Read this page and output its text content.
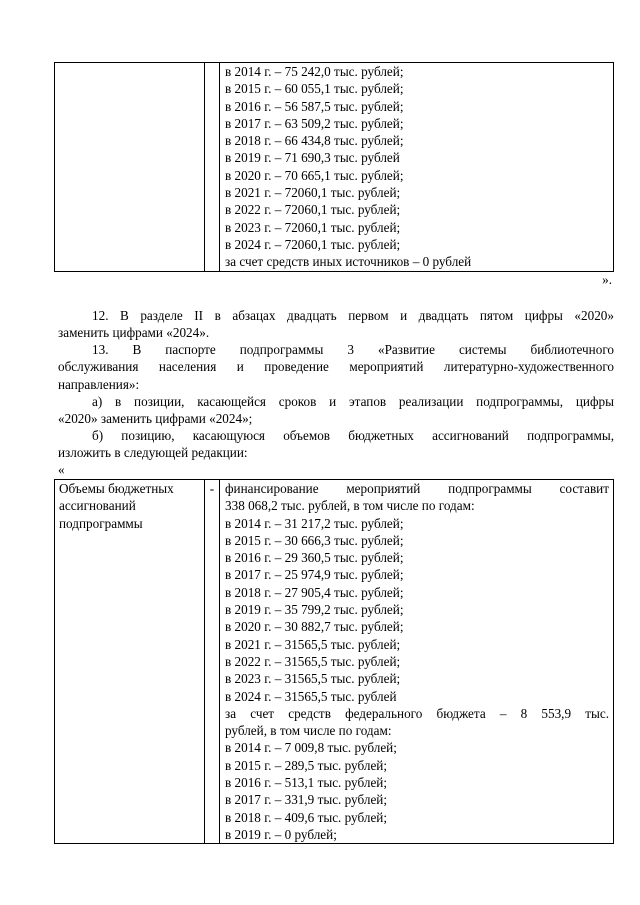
в 2014 г. – 75 242,0 тыс. рублей;
в 2015 г. – 60 055,1 тыс. рублей;
в 2016 г. – 56 587,5 тыс. рублей;
в 2017 г. – 63 509,2 тыс. рублей;
в 2018 г. – 66 434,8 тыс. рублей;
в 2019 г. – 71 690,3 тыс. рублей
в 2020 г. – 70 665,1 тыс. рублей;
в 2021 г. – 72060,1 тыс. рублей;
в 2022 г. – 72060,1 тыс. рублей;
в 2023 г. – 72060,1 тыс. рублей;
в 2024 г. – 72060,1 тыс. рублей;
за счет средств иных источников – 0 рублей
».

12. В разделе II в абзацах двадцать первом и двадцать пятом цифры «2020»

заменить цифрами «2024».

13. В паспорте подпрограммы 3 «Развитие системы библиотечного

обслуживания населения и проведение мероприятий литературно-художественного

направления»:

а) в позиции, касающейся сроков и этапов реализации подпрограммы, цифры

«2020» заменить цифрами «2024»;

б) позицию, касающуюся объемов бюджетных ассигнований подпрограммы,

изложить в следующей редакции:

«
Объемы бюджетных ассигнований подпрограммы	-	финансирование мероприятий подпрограммы составит
338 068,2 тыс. рублей, в том числе по годам:
в 2014 г. – 31 217,2 тыс. рублей;
в 2015 г. – 30 666,3 тыс. рублей;
в 2016 г. – 29 360,5 тыс. рублей;
в 2017 г. – 25 974,9 тыс. рублей;
в 2018 г. – 27 905,4 тыс. рублей;
в 2019 г. – 35 799,2 тыс. рублей;
в 2020 г. – 30 882,7 тыс. рублей;
в 2021 г. – 31565,5 тыс. рублей;
в 2022 г. – 31565,5 тыс. рублей;
в 2023 г. – 31565,5 тыс. рублей;
в 2024 г. – 31565,5 тыс. рублей
за счет средств федерального бюджета – 8 553,9 тыс.
рублей, в том числе по годам:
в 2014 г. – 7 009,8 тыс. рублей;
в 2015 г. – 289,5 тыс. рублей;
в 2016 г. – 513,1 тыс. рублей;
в 2017 г. – 331,9 тыс. рублей;
в 2018 г. – 409,6 тыс. рублей;
в 2019 г. – 0 рублей;
